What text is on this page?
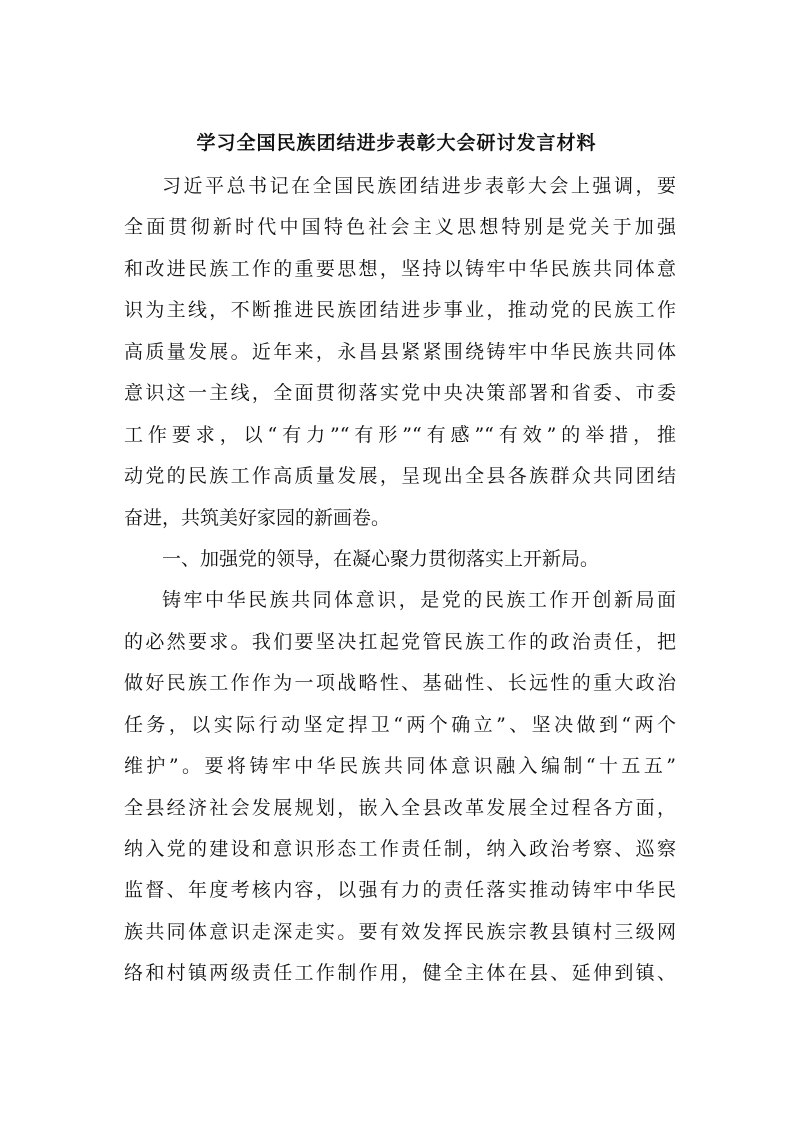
学习全国民族团结进步表彰大会研讨发言材料
习近平总书记在全国民族团结进步表彰大会上强调，要
全面贯彻新时代中国特色社会主义思想特别是党关于加强
和改进民族工作的重要思想，坚持以铸牢中华民族共同体意
识为主线，不断推进民族团结进步事业，推动党的民族工作
高质量发展。近年来，永昌县紧紧围绕铸牢中华民族共同体
意识这一主线，全面贯彻落实党中央决策部署和省委、市委
工作要求，以“有力”“有形”“有感”“有效”的举措，推
动党的民族工作高质量发展，呈现出全县各族群众共同团结
奋进，共筑美好家园的新画卷。
一、加强党的领导，在凝心聚力贯彻落实上开新局。
铸牢中华民族共同体意识，是党的民族工作开创新局面
的必然要求。我们要坚决扛起党管民族工作的政治责任，把
做好民族工作作为一项战略性、基础性、长远性的重大政治
任务，以实际行动坚定捍卫“两个确立”、坚决做到“两个
维护”。要将铸牢中华民族共同体意识融入编制“十五五”
全县经济社会发展规划，嵌入全县改革发展全过程各方面，
纳入党的建设和意识形态工作责任制，纳入政治考察、巡察
监督、年度考核内容，以强有力的责任落实推动铸牢中华民
族共同体意识走深走实。要有效发挥民族宗教县镇村三级网
络和村镇两级责任工作制作用，健全主体在县、延伸到镇、
